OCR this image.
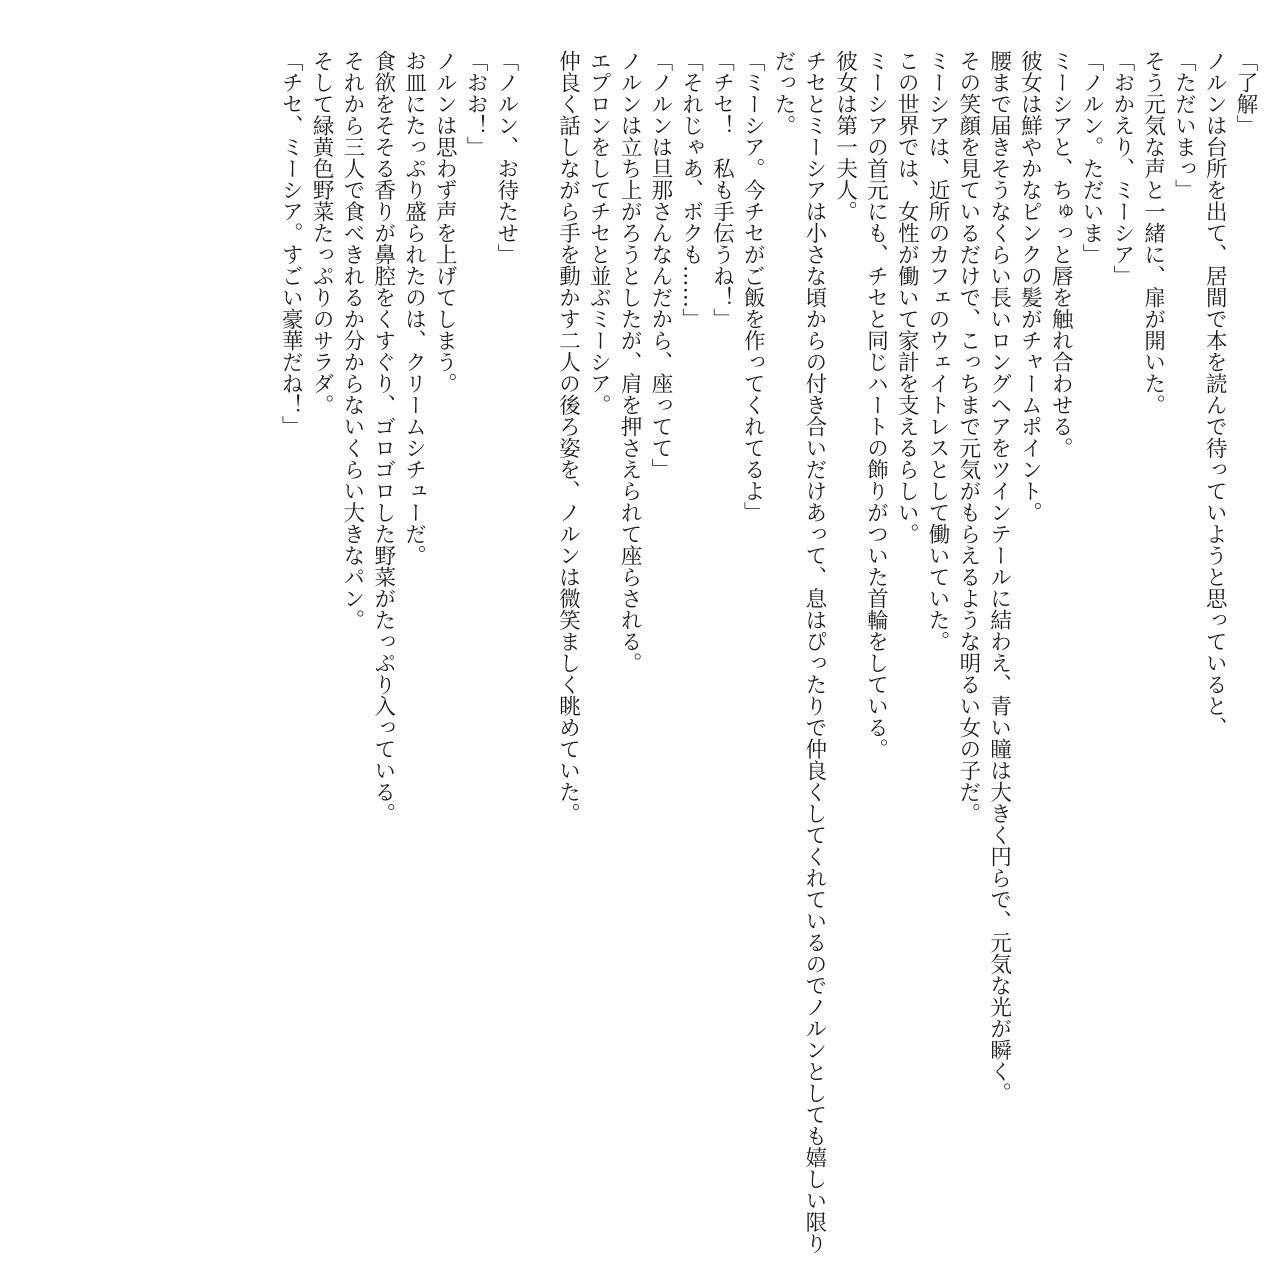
「了解」

ノルンは台所を出て、居間で本を読んで待っていようと思っていると、

「ただいまっ」

そう元気な声と一緒に、扉が開いた。

「おかえり、ミーシア」

「ノルン。ただいま」

ミーシアと、ちゅっと唇を触れ合わせる。

彼女は鮮やかなピンクの髪がチャームポイント。

腰まで届きそうなくらい長いロングヘアをツインテールに結わえ、青い瞳は大きく円らで、元気な光が瞬く。

その笑顔を見ているだけで、こっちまで元気がもらえるような明るい女の子だ。

ミーシアは、近所のカフェのウェイトレスとして働いていた。

この世界では、女性が働いて家計を支えるらしい。

ミーシアの首元にも、チセと同じハートの飾りがついた首輪をしている。

彼女は第一夫人。

チセとミーシアは小さな頃からの付き合いだけあって、息はぴったりで仲良くしてくれているのでノルンとしても嬉しい限りだった。

「ミーシア。今チセがご飯を作ってくれてるよ」

「チセ！　私も手伝うね！」

「それじゃあ、ボクも……」

「ノルンは旦那さんなんだから、座ってて」

ノルンは立ち上がろうとしたが、肩を押さえられて座らされる。

エプロンをしてチセと並ぶミーシア。

仲良く話しながら手を動かす二人の後ろ姿を、ノルンは微笑ましく眺めていた。

「ノルン、お待たせ」

「おお！」

ノルンは思わず声を上げてしまう。

お皿にたっぷり盛られたのは、クリームシチューだ。

食欲をそそる香りが鼻腔をくすぐり、ゴロゴロした野菜がたっぷり入っている。

それから三人で食べきれるか分からないくらい大きなパン。

そして緑黄色野菜たっぷりのサラダ。

「チセ、ミーシア。すごい豪華だね！」
